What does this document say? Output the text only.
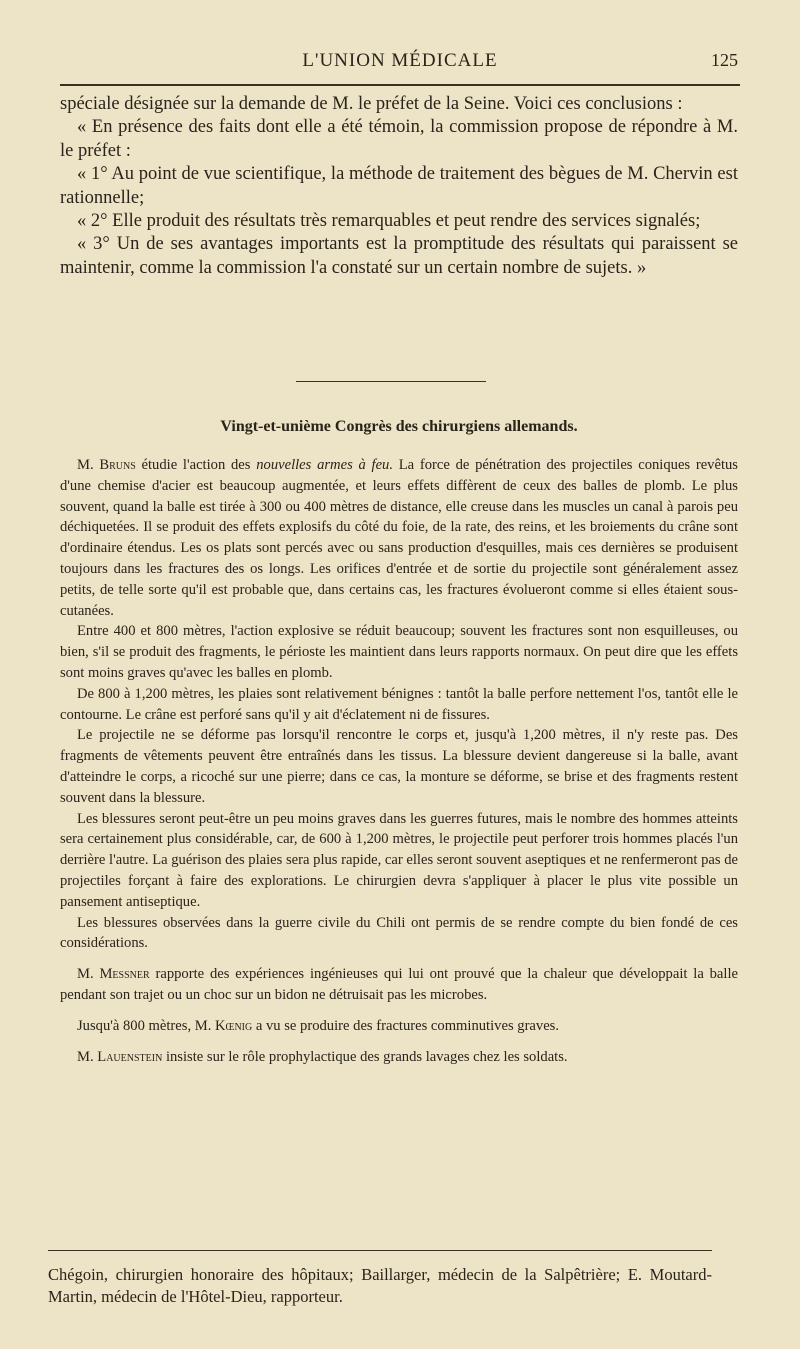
L'UNION MÉDICALE	125

spéciale désignée sur la demande de M. le préfet de la Seine. Voici ces conclusions :

« En présence des faits dont elle a été témoin, la commission propose de répondre à M. le préfet :

« 1° Au point de vue scientifique, la méthode de traitement des bègues de M. Chervin est rationnelle;

« 2° Elle produit des résultats très remarquables et peut rendre des services signalés;

« 3° Un de ses avantages importants est la promptitude des résultats qui paraissent se maintenir, comme la commission l'a constaté sur un certain nombre de sujets. »

Vingt-et-unième Congrès des chirurgiens allemands.

M. Bruns étudie l'action des nouvelles armes à feu. La force de pénétration des projectiles coniques revêtus d'une chemise d'acier est beaucoup augmentée, et leurs effets diffèrent de ceux des balles de plomb. Le plus souvent, quand la balle est tirée à 300 ou 400 mètres de distance, elle creuse dans les muscles un canal à parois peu déchiquetées. Il se produit des effets explosifs du côté du foie, de la rate, des reins, et les broiements du crâne sont d'ordinaire étendus. Les os plats sont percés avec ou sans production d'esquilles, mais ces dernières se produisent toujours dans les fractures des os longs. Les orifices d'entrée et de sortie du projectile sont généralement assez petits, de telle sorte qu'il est probable que, dans certains cas, les fractures évolueront comme si elles étaient sous-cutanées.

Entre 400 et 800 mètres, l'action explosive se réduit beaucoup; souvent les fractures sont non esquilleuses, ou bien, s'il se produit des fragments, le périoste les maintient dans leurs rapports normaux. On peut dire que les effets sont moins graves qu'avec les balles en plomb.

De 800 à 1,200 mètres, les plaies sont relativement bénignes : tantôt la balle perfore nettement l'os, tantôt elle le contourne. Le crâne est perforé sans qu'il y ait d'éclatement ni de fissures.

Le projectile ne se déforme pas lorsqu'il rencontre le corps et, jusqu'à 1,200 mètres, il n'y reste pas. Des fragments de vêtements peuvent être entraînés dans les tissus. La blessure devient dangereuse si la balle, avant d'atteindre le corps, a ricoché sur une pierre; dans ce cas, la monture se déforme, se brise et des fragments restent souvent dans la blessure.

Les blessures seront peut-être un peu moins graves dans les guerres futures, mais le nombre des hommes atteints sera certainement plus considérable, car, de 600 à 1,200 mètres, le projectile peut perforer trois hommes placés l'un derrière l'autre. La guérison des plaies sera plus rapide, car elles seront souvent aseptiques et ne renfermeront pas de projectiles forçant à faire des explorations. Le chirurgien devra s'appliquer à placer le plus vite possible un pansement antiseptique.

Les blessures observées dans la guerre civile du Chili ont permis de se rendre compte du bien fondé de ces considérations.

M. Messner rapporte des expériences ingénieuses qui lui ont prouvé que la chaleur que développait la balle pendant son trajet ou un choc sur un bidon ne détruisait pas les microbes.

Jusqu'à 800 mètres, M. Kœnig a vu se produire des fractures comminutives graves.

M. Lauenstein insiste sur le rôle prophylactique des grands lavages chez les soldats.

Chégoin, chirurgien honoraire des hôpitaux; Baillarger, médecin de la Salpêtrière; E. Moutard-Martin, médecin de l'Hôtel-Dieu, rapporteur.
